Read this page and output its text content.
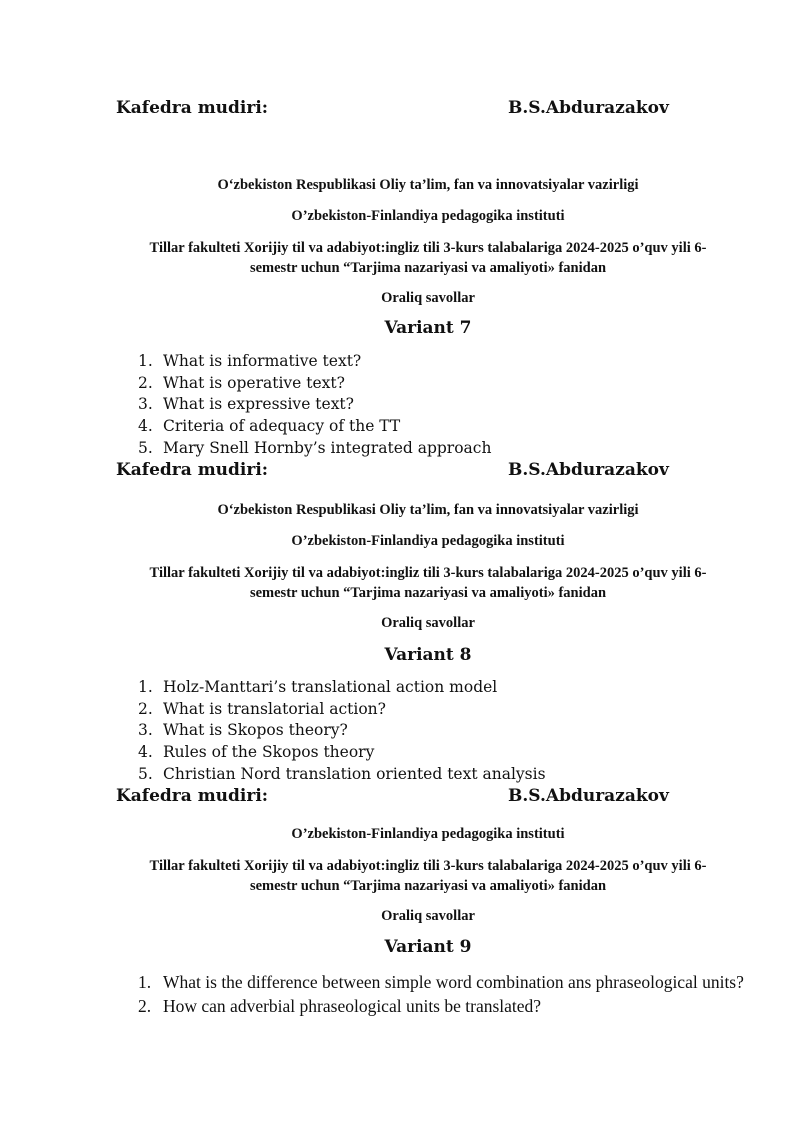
Kafedra mudiri:	B.S.Abdurazakov
O‘zbekiston Respublikasi Oliy ta’lim, fan va innovatsiyalar vazirligi
O’zbekiston-Finlandiya pedagogika instituti
Tillar fakulteti Xorijiy til va adabiyot:ingliz tili 3-kurs talabalariga 2024-2025 o’quv yili 6-
semestr uchun “Tarjima nazariyasi va amaliyoti» fanidan
Oraliq savollar
Variant 7
1. What is informative text?
2. What is operative text?
3. What is expressive text?
4. Criteria of adequacy of the TT
5. Mary Snell Hornby’s integrated approach
Kafedra mudiri:	B.S.Abdurazakov
O‘zbekiston Respublikasi Oliy ta’lim, fan va innovatsiyalar vazirligi
O’zbekiston-Finlandiya pedagogika instituti
Tillar fakulteti Xorijiy til va adabiyot:ingliz tili 3-kurs talabalariga 2024-2025 o’quv yili 6-
semestr uchun “Tarjima nazariyasi va amaliyoti» fanidan
Oraliq savollar
Variant 8
1. Holz-Manttari’s translational action model
2. What is translatorial action?
3. What is Skopos theory?
4. Rules of the Skopos theory
5. Christian Nord translation oriented text analysis
Kafedra mudiri:	B.S.Abdurazakov
O’zbekiston-Finlandiya pedagogika instituti
Tillar fakulteti Xorijiy til va adabiyot:ingliz tili 3-kurs talabalariga 2024-2025 o’quv yili 6-
semestr uchun “Tarjima nazariyasi va amaliyoti» fanidan
Oraliq savollar
Variant 9
1. What is the difference between simple word combination ans phraseological units?
2. How can adverbial phraseological units be translated?
